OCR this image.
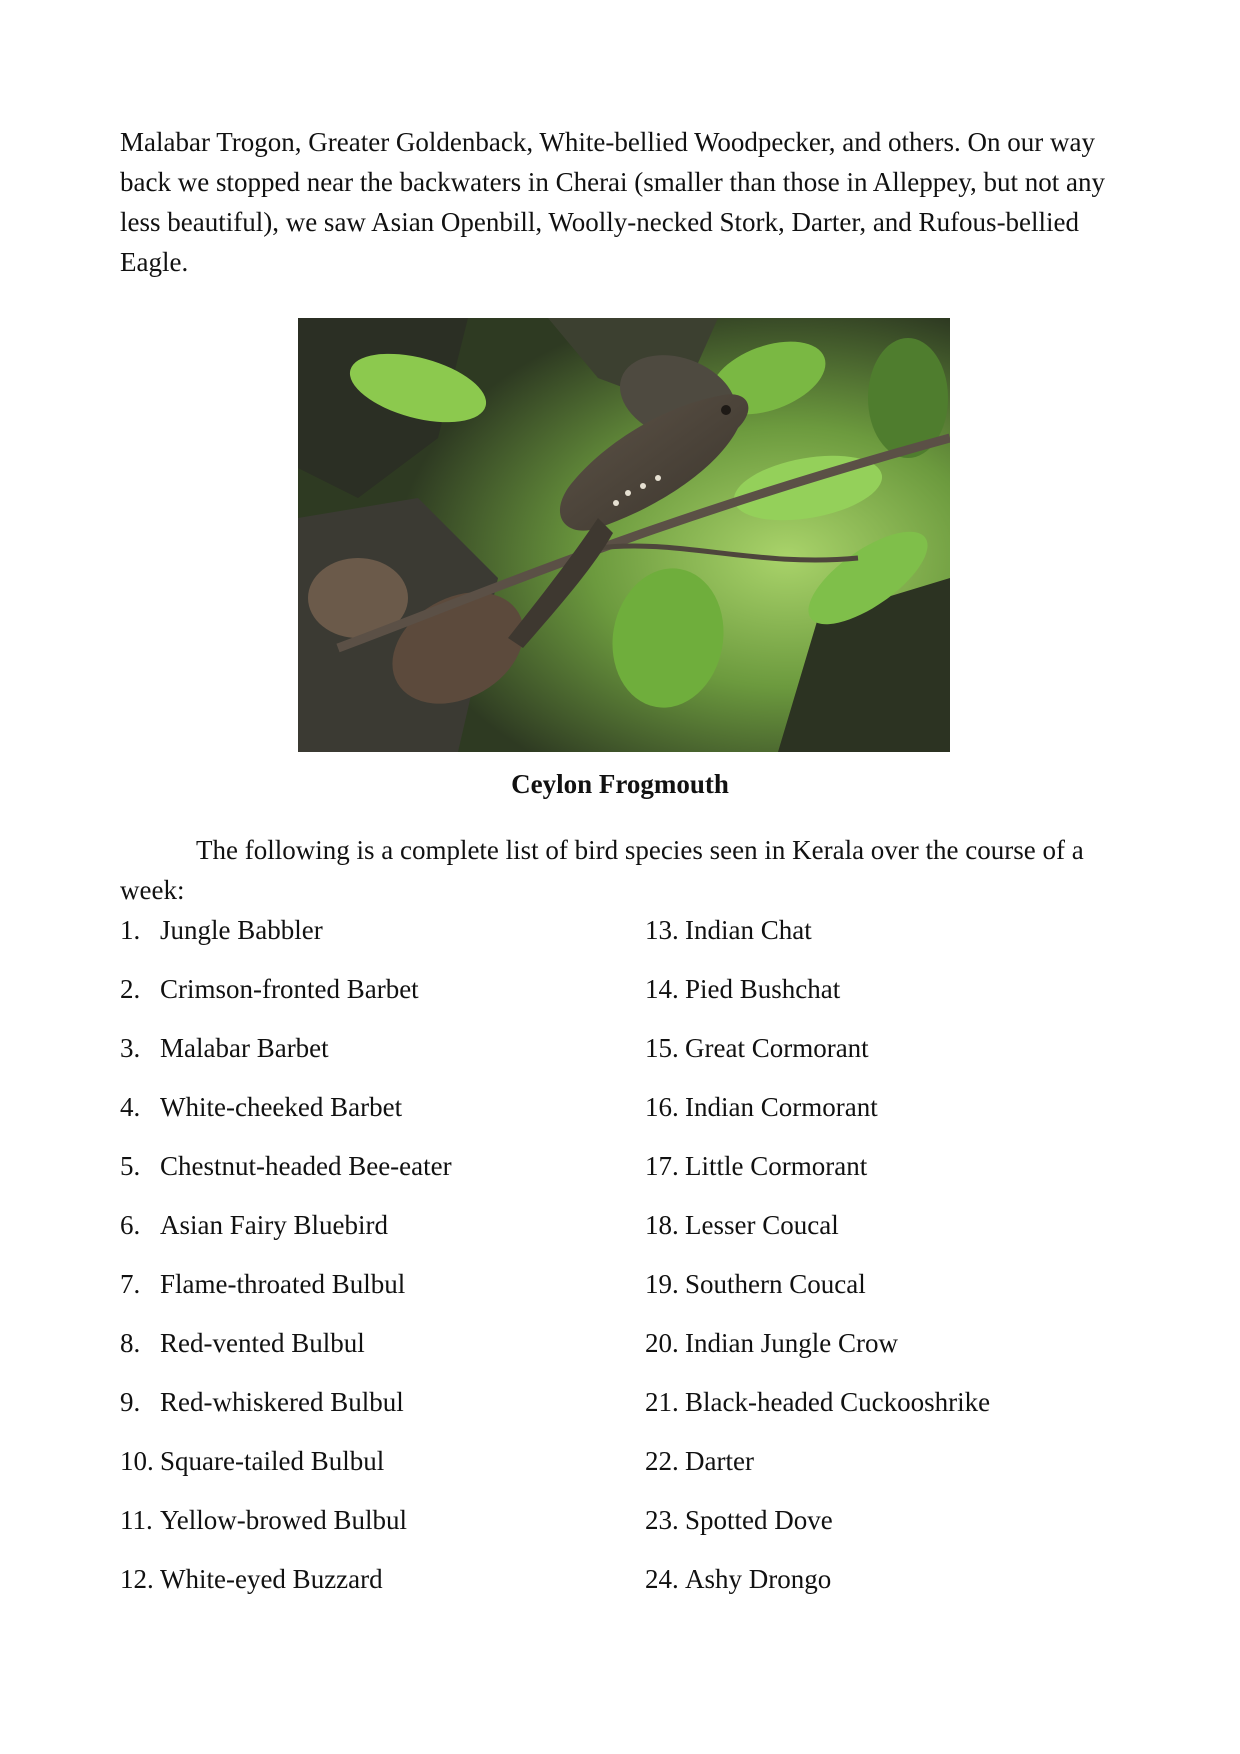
Malabar Trogon, Greater Goldenback, White-bellied Woodpecker, and others. On our way back we stopped near the backwaters in Cherai (smaller than those in Alleppey, but not any less beautiful), we saw Asian Openbill, Woolly-necked Stork, Darter, and Rufous-bellied Eagle.

Ceylon Frogmouth

The following is a complete list of bird species seen in Kerala over the course of a week:

1. Jungle Babbler
2. Crimson-fronted Barbet
3. Malabar Barbet
4. White-cheeked Barbet
5. Chestnut-headed Bee-eater
6. Asian Fairy Bluebird
7. Flame-throated Bulbul
8. Red-vented Bulbul
9. Red-whiskered Bulbul
10. Square-tailed Bulbul
11. Yellow-browed Bulbul
12. White-eyed Buzzard
13. Indian Chat
14. Pied Bushchat
15. Great Cormorant
16. Indian Cormorant
17. Little Cormorant
18. Lesser Coucal
19. Southern Coucal
20. Indian Jungle Crow
21. Black-headed Cuckooshrike
22. Darter
23. Spotted Dove
24. Ashy Drongo
